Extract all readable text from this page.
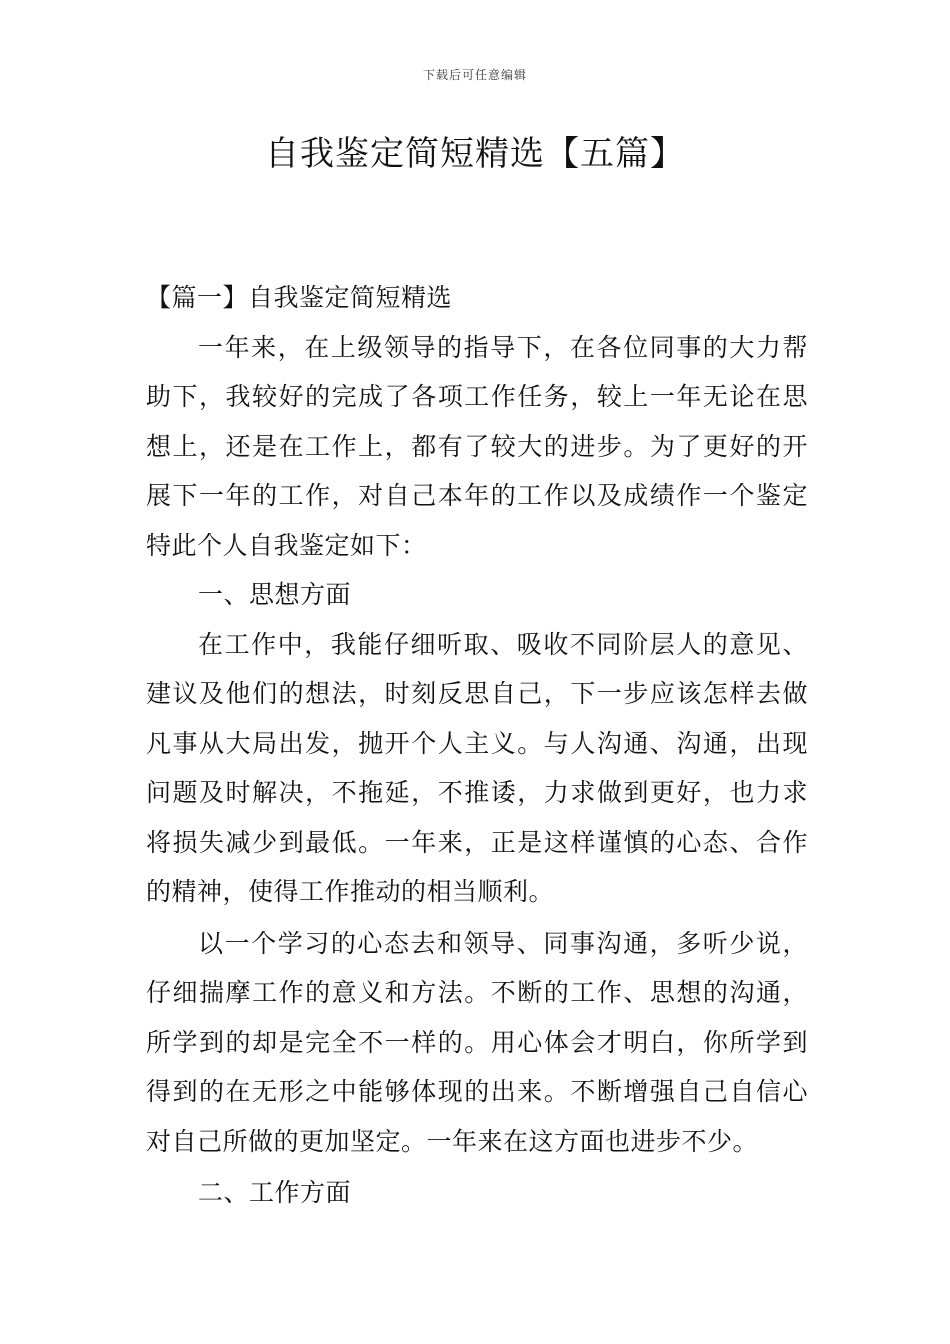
下载后可任意编辑
自我鉴定简短精选【五篇】

【篇一】自我鉴定简短精选

一年来，在上级领导的指导下，在各位同事的大力帮助下，我较好的完成了各项工作任务，较上一年无论在思想上，还是在工作上，都有了较大的进步。为了更好的开展下一年的工作，对自己本年的工作以及成绩作一个鉴定特此个人自我鉴定如下：

一、思想方面

在工作中，我能仔细听取、吸收不同阶层人的意见、建议及他们的想法，时刻反思自己，下一步应该怎样去做凡事从大局出发，抛开个人主义。与人沟通、沟通，出现问题及时解决，不拖延，不推诿，力求做到更好，也力求将损失减少到最低。一年来，正是这样谨慎的心态、合作的精神，使得工作推动的相当顺利。

以一个学习的心态去和领导、同事沟通，多听少说，仔细揣摩工作的意义和方法。不断的工作、思想的沟通，所学到的却是完全不一样的。用心体会才明白，你所学到得到的在无形之中能够体现的出来。不断增强自己自信心对自己所做的更加坚定。一年来在这方面也进步不少。

二、工作方面
